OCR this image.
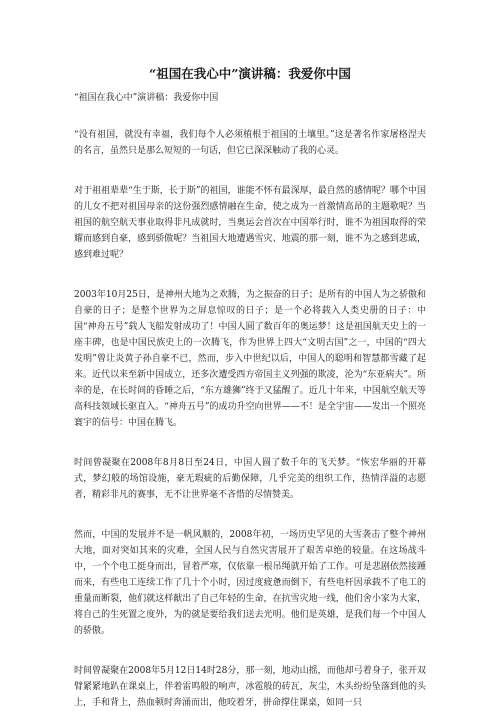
“祖国在我心中”演讲稿：我爱你中国
“祖国在我心中”演讲稿：我爱你中国

“没有祖国，就没有幸福，我们每个人必须植根于祖国的土壤里。”这是著名作家屠格涅夫的名言，虽然只是那么短短的一句话，但它已深深触动了我的心灵。

对于祖祖辈辈“生于斯，长于斯”的祖国，谁能不怀有最深厚，最自然的感情呢？哪个中国的儿女不把对祖国母亲的这份强烈感情融在生命，使之成为一首激情高昂的主题歌呢？当祖国的航空航天事业取得非凡成就时，当奥运会首次在中国举行时，谁不为祖国取得的荣耀而感到自豪，感到骄傲呢？当祖国大地遭遇雪灾、地震的那一刻，谁不为之感到悲戚，感到难过呢？

2003年10月25日，是神州大地为之欢腾，为之振奋的日子；是所有的中国人为之骄傲和自豪的日子；是整个世界为之屏息惊叹的日子；是一个必将载入人类史册的日子：中国“神舟五号”载人飞船发射成功了！中国人圆了数百年的奥运梦！这是祖国航天史上的一座丰碑，也是中国民族史上的一次腾飞，作为世界上四大“文明古国”之一，中国的“四大发明”曾让炎黄子孙自豪不已，然而，步入中世纪以后，中国人的聪明和智慧都雪藏了起来。近代以来至新中国成立，还多次遭受西方帝国主义列强的欺凌，沦为“东亚病夫”。所幸的是，在长时间的昏睡之后，“东方雄狮”终于又猛醒了。近几十年来，中国航空航天等高科技领域长驱直入。“神舟五号”的成功升空向世界——不！是全宇宙——发出一个照亮寰宇的信号：中国在腾飞。

时间曾凝聚在2008年8月8日至24日，中国人圆了数千年的飞天梦。“恢宏华丽的开幕式，梦幻般的场馆设施，豪无瑕疵的后勤保障，几乎完美的组织工作，热情洋溢的志愿者，精彩非凡的赛事，无不让世界毫不吝惜的尽情赞美。

然而，中国的发展并不是一帆风顺的，2008年初，一场历史罕见的大雪袭击了整个神州大地，面对突如其来的灾难，全国人民与自然灾害展开了艰苦卓绝的较量。在这场战斗中，一个个电工挺身而出，冒着严寒，仅依靠一根吊绳就开始了工作。可是悲剧依然接踵而来，有些电工连续工作了几十个小时，因过度疲惫而倒下，有些电杆因承载不了电工的重量而断裂，他们就这样献出了自己年轻的生命，在抗雪灾地一线，他们舍小家为大家，将自己的生死置之度外，为的就是要给我们送去光明。他们是英雄，是我们每一个中国人的骄傲。

时间曾凝聚在2008年5月12日14时28分，那一刻，地动山摇，而他却弓着身子，张开双臂紧紧地趴在课桌上，伴着雷鸣般的响声，冰雹般的砖瓦，灰尘，木头纷纷坠落到他的头上，手和背上，热血顿时奔涌而出，他咬着牙，拼命撑住课桌，如同一只
